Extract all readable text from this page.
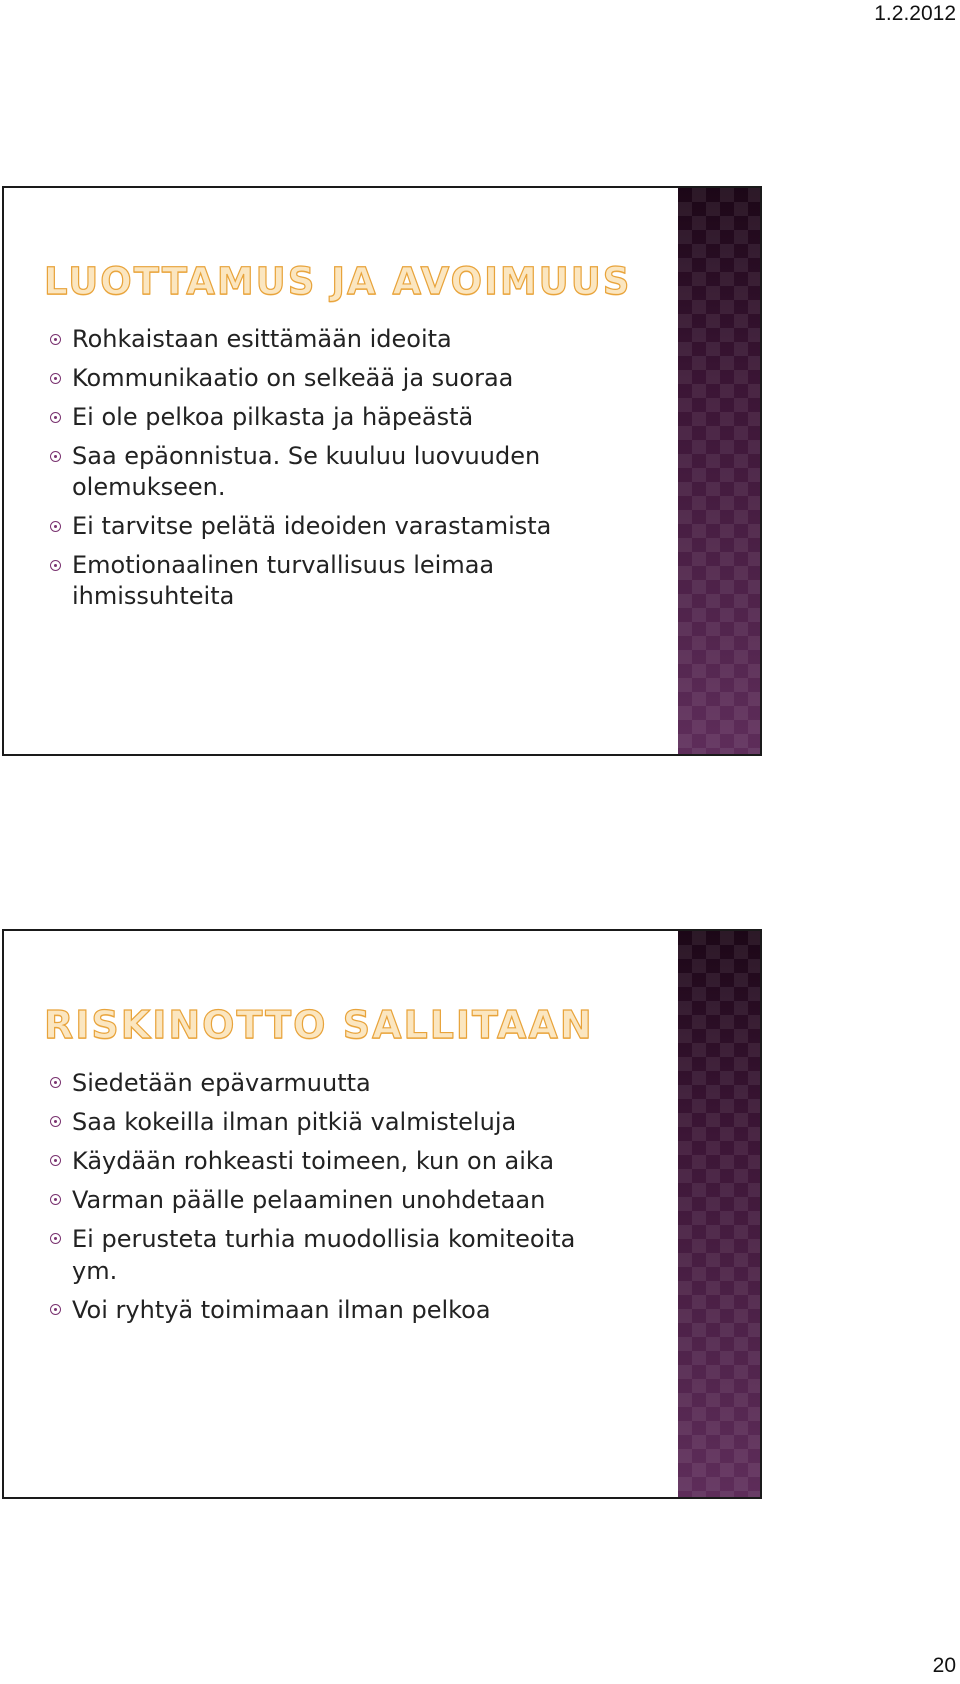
1.2.2012
LUOTTAMUS JA AVOIMUUS
Rohkaistaan esittämään ideoita
Kommunikaatio on selkeää ja suoraa
Ei ole pelkoa pilkasta ja häpeästä
Saa epäonnistua. Se kuuluu luovuuden olemukseen.
Ei tarvitse pelätä ideoiden varastamista
Emotionaalinen turvallisuus leimaa ihmissuhteita
RISKINOTTO SALLITAAN
Siedetään epävarmuutta
Saa kokeilla ilman pitkiä valmisteluja
Käydään rohkeasti toimeen, kun on aika
Varman päälle pelaaminen unohdetaan
Ei perusteta turhia muodollisia komiteoita ym.
Voi ryhtyä toimimaan ilman pelkoa
20
